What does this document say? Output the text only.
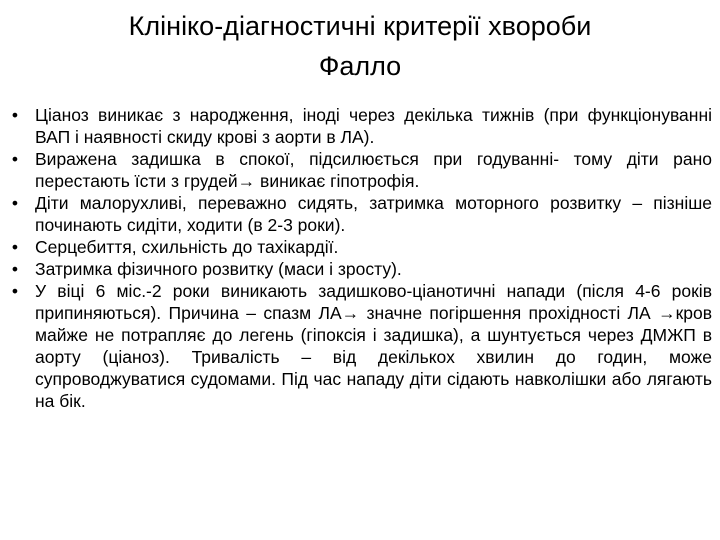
Клініко-діагностичні критерії хвороби
Фалло
• Ціаноз виникає з народження, іноді через декілька тижнів (при функціонуванні ВАП і наявності скиду крові з аорти в ЛА).
• Виражена задишка в спокої, підсилюється при годуванні- тому діти рано перестають їсти з грудей→ виникає гіпотрофія.
• Діти малорухливі, переважно сидять, затримка моторного розвитку – пізніше починають сидіти, ходити (в 2-3 роки).
• Серцебиття, схильність до тахікардії.
• Затримка фізичного розвитку (маси і зросту).
• У віці 6 міс.-2 роки виникають задишково-ціанотичні напади (після 4-6 років припиняються). Причина – спазм ЛА→ значне погіршення прохідності ЛА →кров майже не потрапляє до легень (гіпоксія і задишка), а шунтується через ДМЖП в аорту (ціаноз). Тривалість – від декількох хвилин до годин, може супроводжуватися судомами. Під час нападу діти сідають навколішки або лягають на бік.
